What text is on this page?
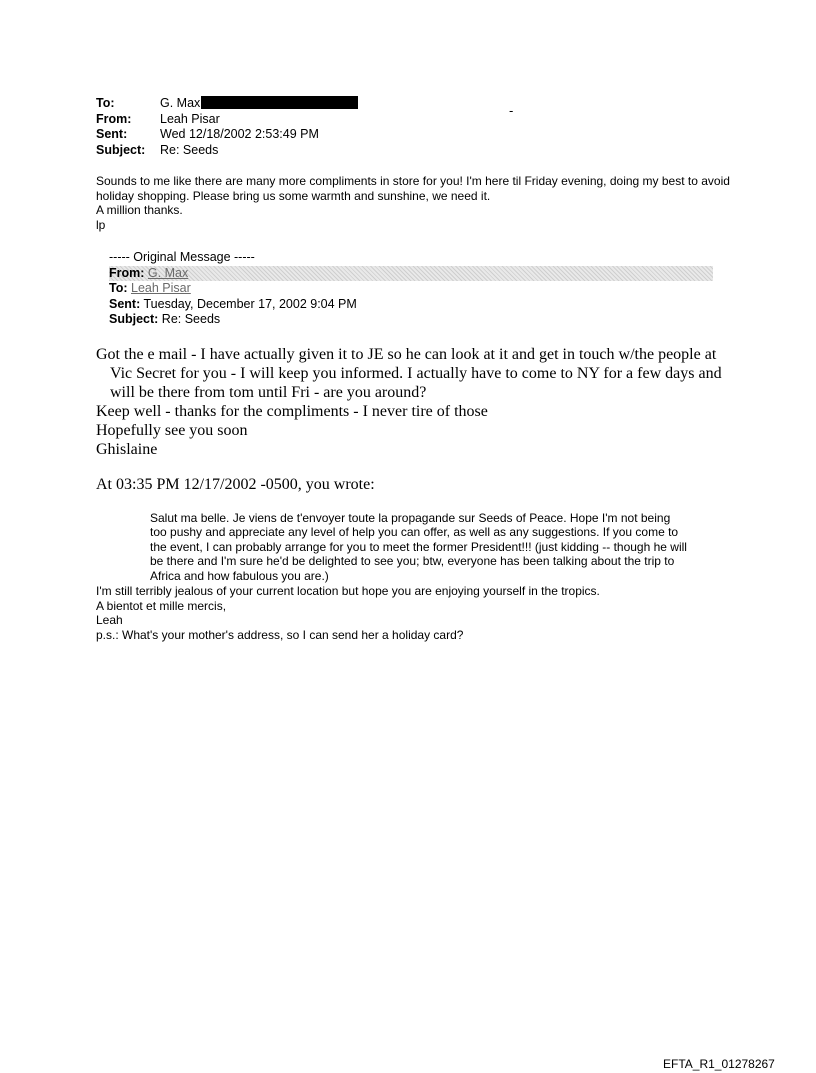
To:	G. Max
From:	Leah Pisar
Sent:	Wed 12/18/2002 2:53:49 PM
Subject:	Re: Seeds
-

Sounds to me like there are many more compliments in store for you! I'm here til Friday evening, doing my best to avoid holiday shopping. Please bring us some warmth and sunshine, we need it.

A million thanks.

lp

----- Original Message -----
From: G. Max
To: Leah Pisar
Sent: Tuesday, December 17, 2002 9:04 PM
Subject: Re: Seeds

Got the e mail - I have actually given it to JE so he can look at it and get in touch w/the people at Vic Secret for you - I will keep you informed. I actually have to come to NY for a few days and will be there from tom until Fri - are you around?

Keep well - thanks for the compliments - I never tire of those

Hopefully see you soon

Ghislaine

At 03:35 PM 12/17/2002 -0500, you wrote:

Salut ma belle. Je viens de t'envoyer toute la propagande sur Seeds of Peace. Hope I'm not being too pushy and appreciate any level of help you can offer, as well as any suggestions. If you come to the event, I can probably arrange for you to meet the former President!!! (just kidding -- though he will be there and I'm sure he'd be delighted to see you; btw, everyone has been talking about the trip to Africa and how fabulous you are.)

I'm still terribly jealous of your current location but hope you are enjoying yourself in the tropics.

A bientot et mille mercis,

Leah

p.s.: What's your mother's address, so I can send her a holiday card?

EFTA_R1_01278267
